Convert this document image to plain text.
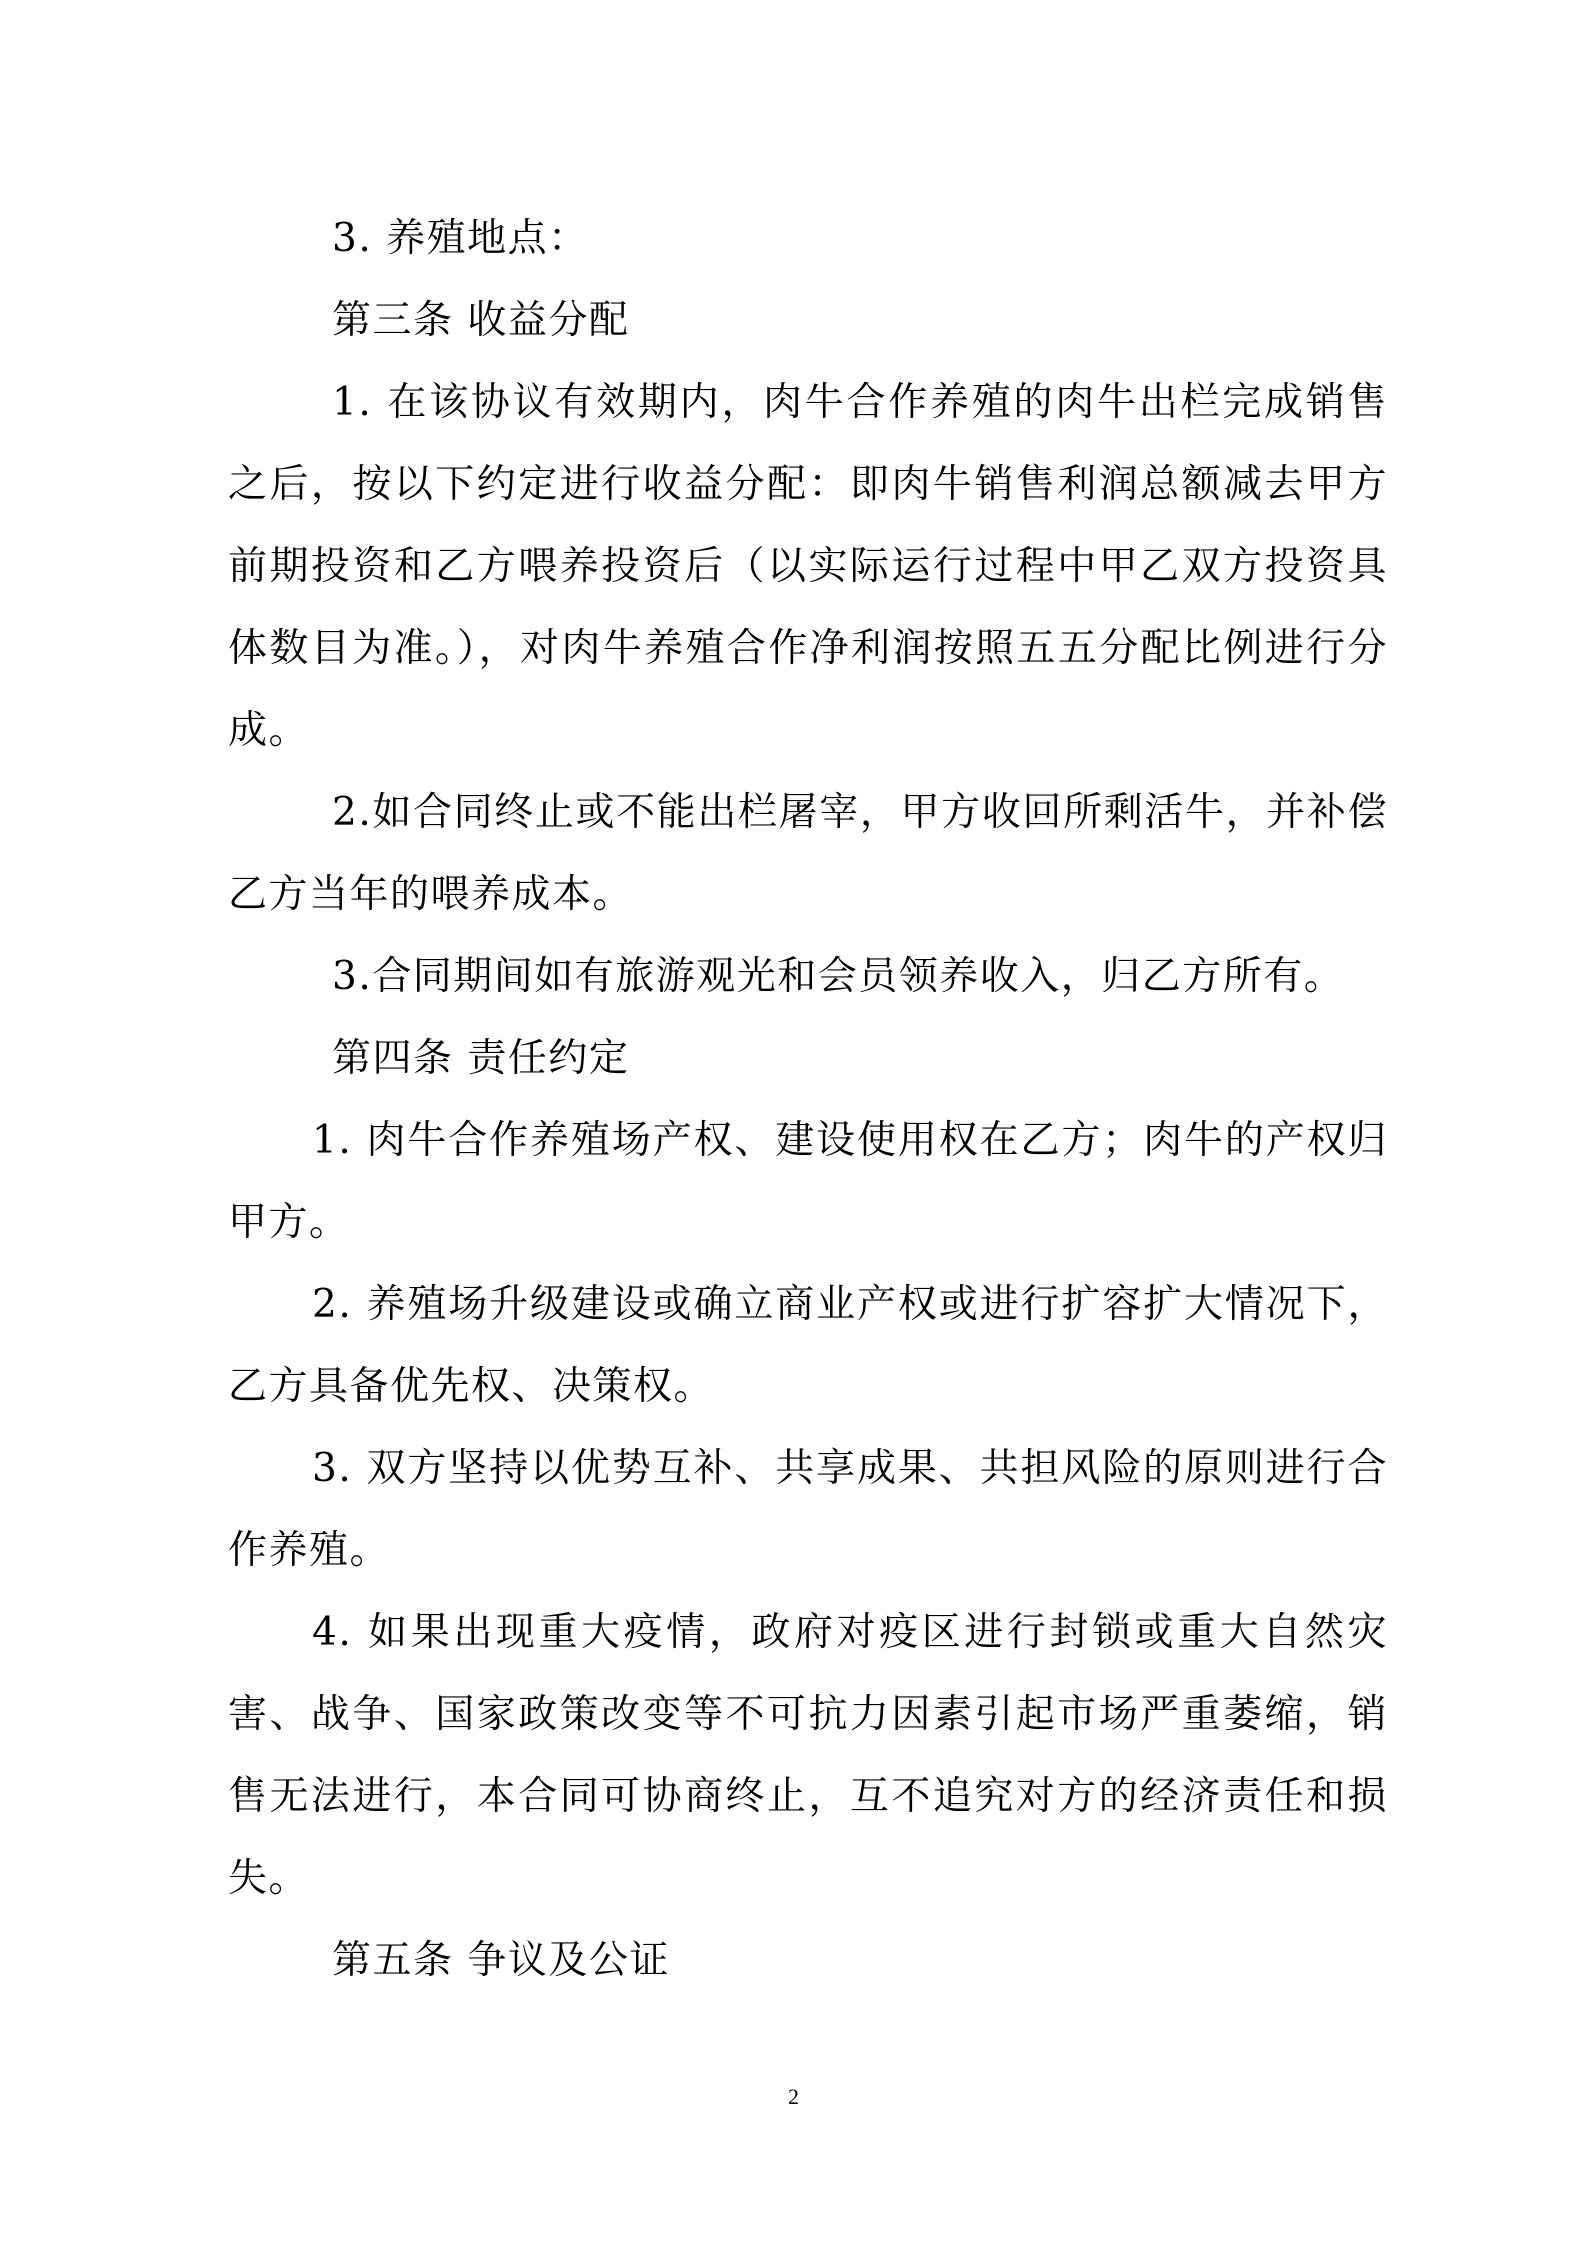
3. 养殖地点：

第三条 收益分配

1. 在该协议有效期内，肉牛合作养殖的肉牛出栏完成销售之后，按以下约定进行收益分配：即肉牛销售利润总额减去甲方前期投资和乙方喂养投资后（以实际运行过程中甲乙双方投资具体数目为准。），对肉牛养殖合作净利润按照五五分配比例进行分成。

2.如合同终止或不能出栏屠宰，甲方收回所剩活牛，并补偿乙方当年的喂养成本。

3.合同期间如有旅游观光和会员领养收入，归乙方所有。

第四条 责任约定

1. 肉牛合作养殖场产权、建设使用权在乙方；肉牛的产权归甲方。

2. 养殖场升级建设或确立商业产权或进行扩容扩大情况下，乙方具备优先权、决策权。

3. 双方坚持以优势互补、共享成果、共担风险的原则进行合作养殖。

4. 如果出现重大疫情，政府对疫区进行封锁或重大自然灾害、战争、国家政策改变等不可抗力因素引起市场严重萎缩，销售无法进行，本合同可协商终止，互不追究对方的经济责任和损失。

第五条 争议及公证

2
